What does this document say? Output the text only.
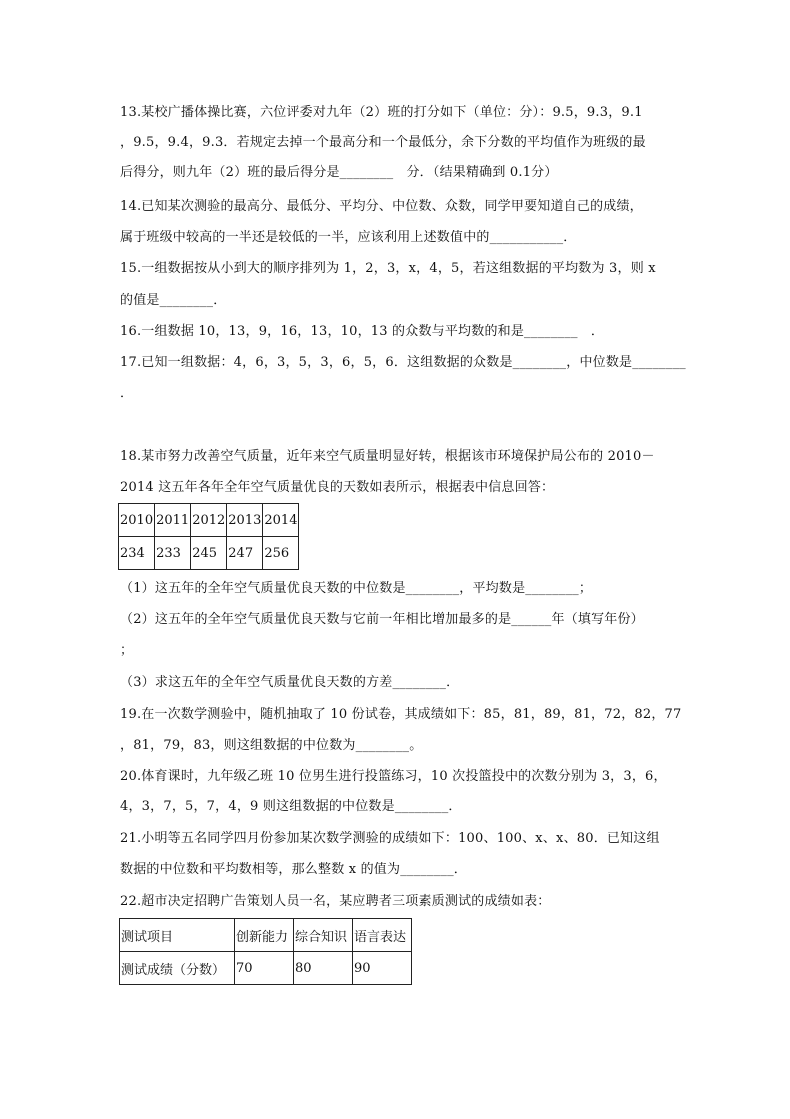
13.某校广播体操比赛，六位评委对九年（2）班的打分如下（单位：分）：9.5，9.3，9.1
，9.5，9.4，9.3．若规定去掉一个最高分和一个最低分，余下分数的平均值作为班级的最
后得分，则九年（2）班的最后得分是________　分．（结果精确到 0.1分）
14.已知某次测验的最高分、最低分、平均分、中位数、众数，同学甲要知道自己的成绩，
属于班级中较高的一半还是较低的一半，应该利用上述数值中的___________．
15.一组数据按从小到大的顺序排列为 1，2，3，x，4，5，若这组数据的平均数为 3，则 x
的值是________．
16.一组数据 10，13，9，16，13，10，13 的众数与平均数的和是________　．
17.已知一组数据：4，6，3，5，3，6，5，6．这组数据的众数是________，中位数是________
．
18.某市努力改善空气质量，近年来空气质量明显好转，根据该市环境保护局公布的 2010－
2014 这五年各年全年空气质量优良的天数如表所示，根据表中信息回答：
2010	2011	2012	2013	2014
234	233	245	247	256
（1）这五年的全年空气质量优良天数的中位数是________，平均数是________；
（2）这五年的全年空气质量优良天数与它前一年相比增加最多的是______年（填写年份）
；
（3）求这五年的全年空气质量优良天数的方差________．
19.在一次数学测验中，随机抽取了 10 份试卷，其成绩如下：85，81，89，81，72，82，77
，81，79，83，则这组数据的中位数为________。
20.体育课时，九年级乙班 10 位男生进行投篮练习，10 次投篮投中的次数分别为 3，3，6，
4，3，7，5，7，4，9 则这组数据的中位数是________．
21.小明等五名同学四月份参加某次数学测验的成绩如下：100、100、x、x、80．已知这组
数据的中位数和平均数相等，那么整数 x 的值为________．
22.超市决定招聘广告策划人员一名，某应聘者三项素质测试的成绩如表：
测试项目	创新能力	综合知识	语言表达
测试成绩（分数）	70	80	90
